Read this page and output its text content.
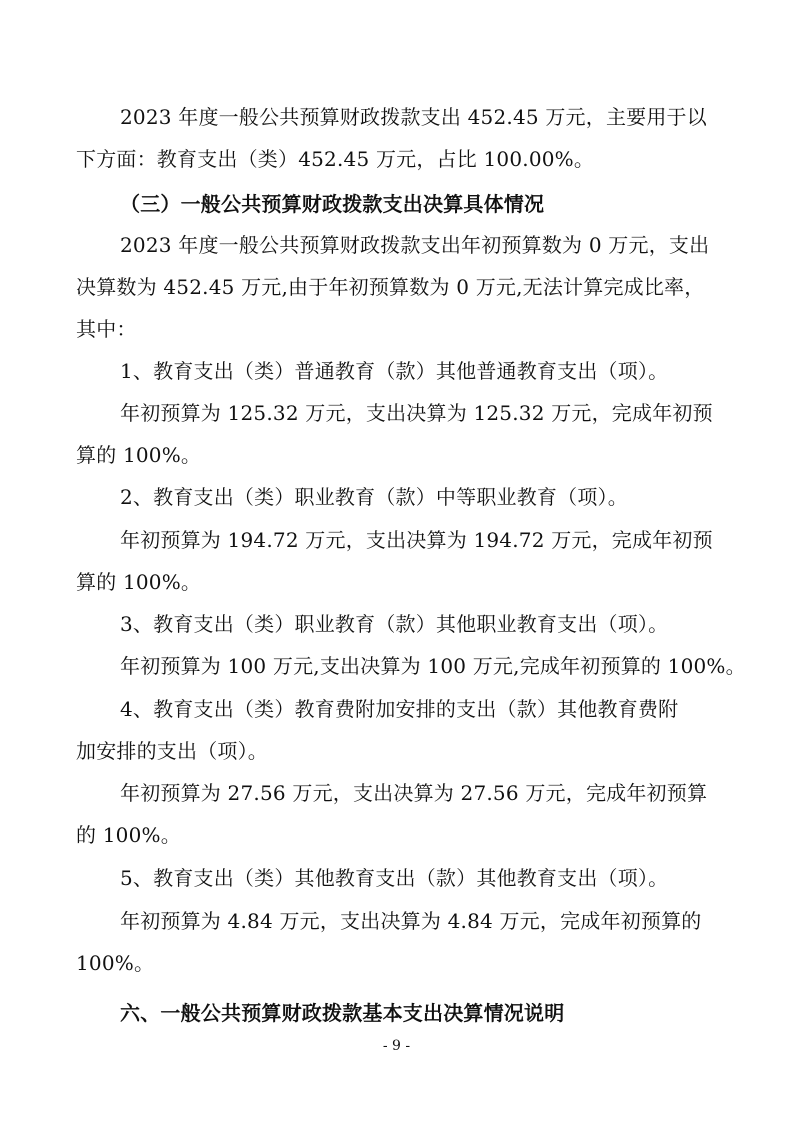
2023 年度一般公共预算财政拨款支出 452.45 万元，主要用于以
下方面：教育支出（类）452.45 万元，占比 100.00%。
（三）一般公共预算财政拨款支出决算具体情况
2023 年度一般公共预算财政拨款支出年初预算数为 0 万元，支出
决算数为 452.45 万元,由于年初预算数为 0 万元,无法计算完成比率，
其中：
1、教育支出（类）普通教育（款）其他普通教育支出（项）。
年初预算为 125.32 万元，支出决算为 125.32 万元，完成年初预
算的 100%。
2、教育支出（类）职业教育（款）中等职业教育（项）。
年初预算为 194.72 万元，支出决算为 194.72 万元，完成年初预
算的 100%。
3、教育支出（类）职业教育（款）其他职业教育支出（项）。
年初预算为 100 万元,支出决算为 100 万元,完成年初预算的 100%。
4、教育支出（类）教育费附加安排的支出（款）其他教育费附
加安排的支出（项）。
年初预算为 27.56 万元，支出决算为 27.56 万元，完成年初预算
的 100%。
5、教育支出（类）其他教育支出（款）其他教育支出（项）。
年初预算为 4.84 万元，支出决算为 4.84 万元，完成年初预算的
100%。
六、一般公共预算财政拨款基本支出决算情况说明
- 9 -
